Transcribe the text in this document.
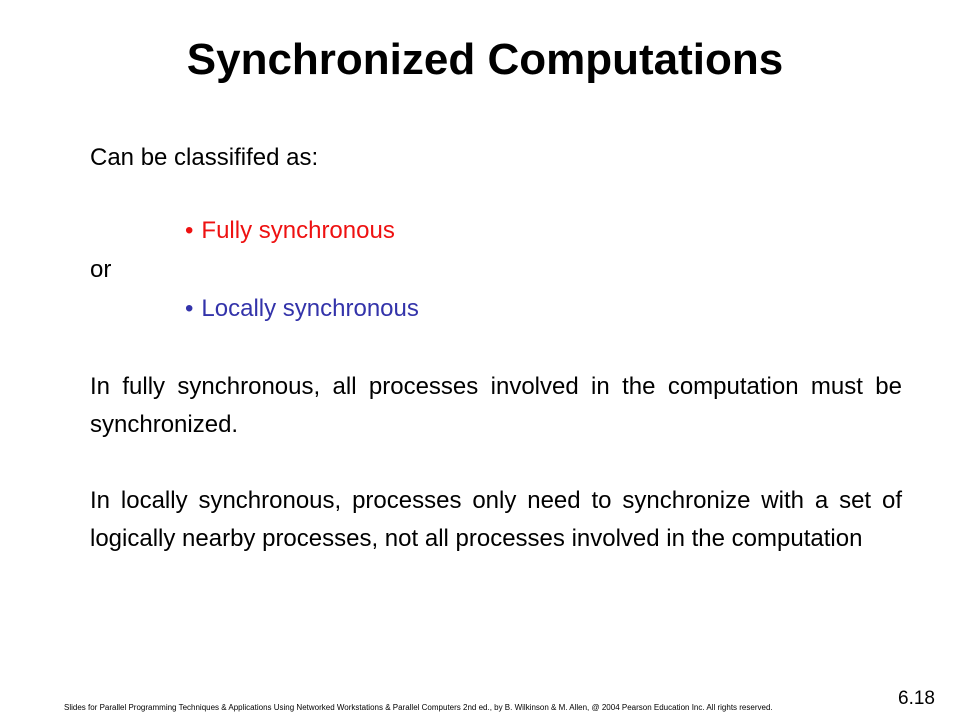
Synchronized Computations
Can be classififed as:
• Fully synchronous
or
• Locally synchronous
In fully synchronous, all processes involved in the computation must be synchronized.
In locally synchronous, processes only need to synchronize with a set of logically nearby processes, not all processes involved in the computation
Slides for Parallel Programming Techniques & Applications Using Networked Workstations & Parallel Computers 2nd ed., by B. Wilkinson & M. Allen, @ 2004 Pearson Education Inc. All rights reserved.	6.18
